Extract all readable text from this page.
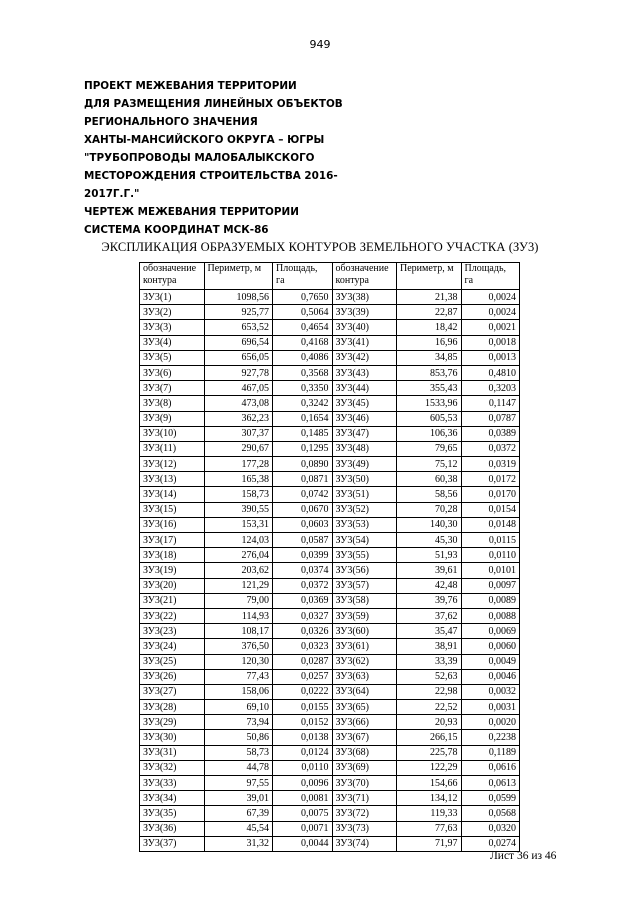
949
ПРОЕКТ МЕЖЕВАНИЯ ТЕРРИТОРИИ
ДЛЯ РАЗМЕЩЕНИЯ ЛИНЕЙНЫХ ОБЪЕКТОВ
РЕГИОНАЛЬНОГО ЗНАЧЕНИЯ
ХАНТЫ-МАНСИЙСКОГО ОКРУГА – ЮГРЫ
"ТРУБОПРОВОДЫ МАЛОБАЛЫКСКОГО
МЕСТОРОЖДЕНИЯ СТРОИТЕЛЬСТВА 2016-
2017Г.Г."
ЧЕРТЕЖ МЕЖЕВАНИЯ ТЕРРИТОРИИ
СИСТЕМА КООРДИНАТ МСК-86
ЭКСПЛИКАЦИЯ ОБРАЗУЕМЫХ КОНТУРОВ ЗЕМЕЛЬНОГО УЧАСТКА (ЗУ3)
обозначение контура	Периметр, м	Площадь, га	обозначение контура	Периметр, м	Площадь, га
ЗУ3(1)	1098,56	0,7650	ЗУ3(38)	21,38	0,0024
ЗУ3(2)	925,77	0,5064	ЗУ3(39)	22,87	0,0024
ЗУ3(3)	653,52	0,4654	ЗУ3(40)	18,42	0,0021
ЗУ3(4)	696,54	0,4168	ЗУ3(41)	16,96	0,0018
ЗУ3(5)	656,05	0,4086	ЗУ3(42)	34,85	0,0013
ЗУ3(6)	927,78	0,3568	ЗУ3(43)	853,76	0,4810
ЗУ3(7)	467,05	0,3350	ЗУ3(44)	355,43	0,3203
ЗУ3(8)	473,08	0,3242	ЗУ3(45)	1533,96	0,1147
ЗУ3(9)	362,23	0,1654	ЗУ3(46)	605,53	0,0787
ЗУ3(10)	307,37	0,1485	ЗУ3(47)	106,36	0,0389
ЗУ3(11)	290,67	0,1295	ЗУ3(48)	79,65	0,0372
ЗУ3(12)	177,28	0,0890	ЗУ3(49)	75,12	0,0319
ЗУ3(13)	165,38	0,0871	ЗУ3(50)	60,38	0,0172
ЗУ3(14)	158,73	0,0742	ЗУ3(51)	58,56	0,0170
ЗУ3(15)	390,55	0,0670	ЗУ3(52)	70,28	0,0154
ЗУ3(16)	153,31	0,0603	ЗУ3(53)	140,30	0,0148
ЗУ3(17)	124,03	0,0587	ЗУ3(54)	45,30	0,0115
ЗУ3(18)	276,04	0,0399	ЗУ3(55)	51,93	0,0110
ЗУ3(19)	203,62	0,0374	ЗУ3(56)	39,61	0,0101
ЗУ3(20)	121,29	0,0372	ЗУ3(57)	42,48	0,0097
ЗУ3(21)	79,00	0,0369	ЗУ3(58)	39,76	0,0089
ЗУ3(22)	114,93	0,0327	ЗУ3(59)	37,62	0,0088
ЗУ3(23)	108,17	0,0326	ЗУ3(60)	35,47	0,0069
ЗУ3(24)	376,50	0,0323	ЗУ3(61)	38,91	0,0060
ЗУ3(25)	120,30	0,0287	ЗУ3(62)	33,39	0,0049
ЗУ3(26)	77,43	0,0257	ЗУ3(63)	52,63	0,0046
ЗУ3(27)	158,06	0,0222	ЗУ3(64)	22,98	0,0032
ЗУ3(28)	69,10	0,0155	ЗУ3(65)	22,52	0,0031
ЗУ3(29)	73,94	0,0152	ЗУ3(66)	20,93	0,0020
ЗУ3(30)	50,86	0,0138	ЗУ3(67)	266,15	0,2238
ЗУ3(31)	58,73	0,0124	ЗУ3(68)	225,78	0,1189
ЗУ3(32)	44,78	0,0110	ЗУ3(69)	122,29	0,0616
ЗУ3(33)	97,55	0,0096	ЗУ3(70)	154,66	0,0613
ЗУ3(34)	39,01	0,0081	ЗУ3(71)	134,12	0,0599
ЗУ3(35)	67,39	0,0075	ЗУ3(72)	119,33	0,0568
ЗУ3(36)	45,54	0,0071	ЗУ3(73)	77,63	0,0320
ЗУ3(37)	31,32	0,0044	ЗУ3(74)	71,97	0,0274
Лист 36 из 46
